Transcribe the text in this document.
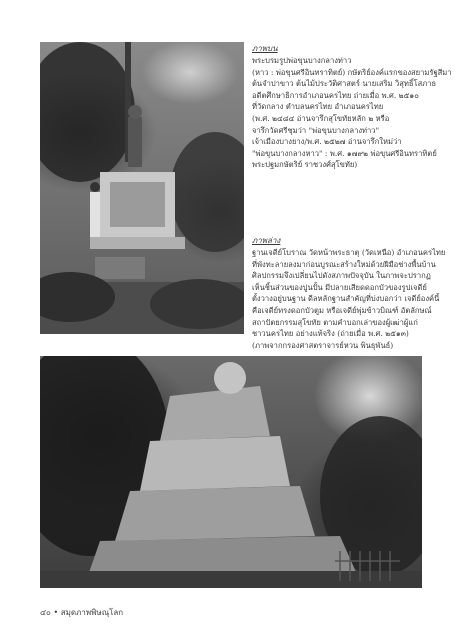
ภาพบน
พระบรมรูปพ่อขุนบางกลางท่าว
(หาว : พ่อขุนศรีอินทราทิตย์) กษัตริย์องค์แรกของสยามรัฐสีมา
ต้นจำปาขาว ต้นไม้ประวัติศาสตร์ นายเสริม วิสุทธิ์โสภาธ
อดีตศึกษาธิการอำเภอนครไทย ถ่ายเมื่อ พ.ศ. ๒๕๑๐
ที่วัดกลาง ตำบลนครไทย อำเภอนครไทย
(พ.ศ. ๒๔๘๔ อ่านจารึกสุโขทัยหลัก ๒ หรือ
จารึกวัดศรีชุมว่า "พ่อขุนบางกลางท่าว"
เจ้าเมืองบางยาง/พ.ศ. ๒๕๒๗ อ่านจารึกใหม่ว่า
"พ่อขุนบางกลางหาว" : พ.ศ. ๑๗๙๒ พ่อขุนศรีอินทราทิตย์
พระปฐมกษัตริย์ ราชวงศ์สุโขทัย)
ภาพล่าง
ฐานเจดีย์โบราณ วัดหน้าพระธาตุ (วัดเหนือ) อำเภอนครไทย
ที่พังทะลายลงมาก่อนบูรณะสร้างใหม่ด้วยฝีมือช่างพื้นบ้าน
ศิลปกรรมจึงเปลี่ยนไปดังสภาพปัจจุบัน ในภาพจะปรากฏ
เห็นชิ้นส่วนของปูนปั้น มีปลายเสียดดอกบัวของรูปเจดีย์
ตั้งวางอยู่บนฐาน ดีลหลักฐานสำคัญที่บ่งบอกว่า เจดีย์องค์นี้
คือเจดีย์ทรงดอกบัวตูม หรือเจดีย์พุ่มข้าวบิณฑ์ อัตลักษณ์
สถาปัตยกรรมสุโขทัย ตามคำบอกเล่าของผู้เฒ่าผู้แก่
ชาวนครไทย อย่างแท้จริง (ถ่ายเมื่อ พ.ศ. ๒๕๑๓)
(ภาพจากกรองศาสตราจารย์หวน พินธุพันธ์)
๔๐ • สมุดภาพพิษณุโลก
